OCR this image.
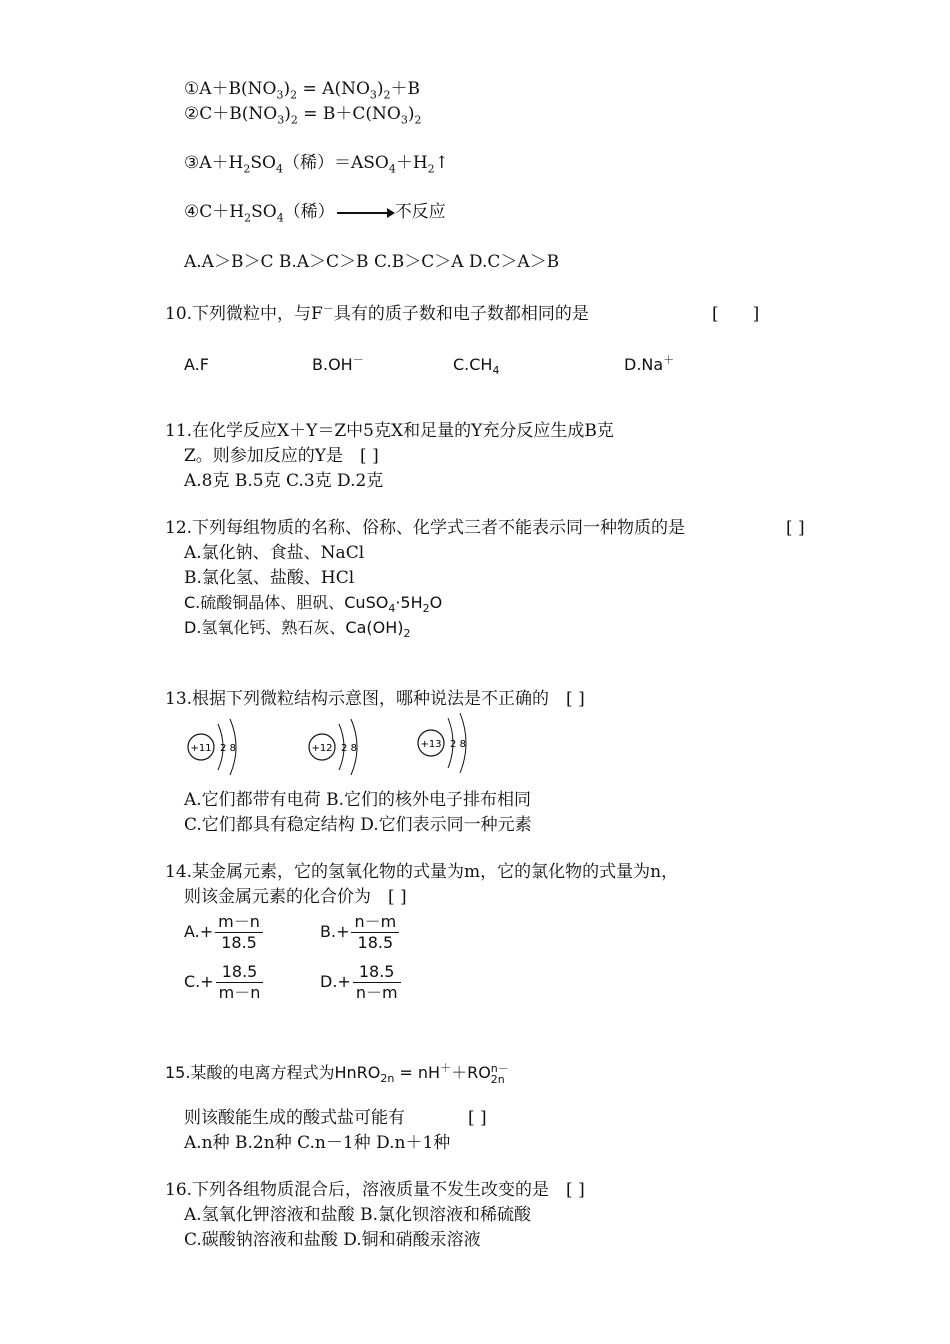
$①A+B(NO_3)_2 = A(NO_3)_2+B$
$②C+B(NO_3)_2 = B+C(NO_3)_2$
$③A+H_2SO_4$（稀）$=ASO_4+H_2↑$
$④C+H_2SO_4$（稀） → 不反应
A.A＞B＞C B.A＞C＞B C.B＞C＞A D.C＞A＞B
10.下列微粒中，与F－具有的质子数和电子数都相同的是	[　　]
A.F	B.OH－	$C.CH_4$	D.Na＋
11.在化学反应X＋Y＝Z中5克X和足量的Y充分反应生成B克
Z。则参加反应的Y是　[ ]
A.8克 B.5克 C.3克 D.2克
12.下列每组物质的名称、俗称、化学式三者不能表示同一种物质的是	[ ]
A.氯化钠、食盐、NaCl
B.氯化氢、盐酸、HCl
C.硫酸铜晶体、胆矾、$CuSO_4\cdot 5H_2O$
D.氢氧化钙、熟石灰、$Ca(OH)_2$
13.根据下列微粒结构示意图，哪种说法是不正确的　[ ]
+11 2 8	+12 2 8	+13 2 8
A.它们都带有电荷 B.它们的核外电子排布相同
C.它们都具有稳定结构 D.它们表示同一种元素
14.某金属元素，它的氢氧化物的式量为m，它的氯化物的式量为n，
则该金属元素的化合价为　[ ]
$A.+ \frac{m-n}{18.5}$	$B.+ \frac{n-m}{18.5}$
$C.+ \frac{18.5}{m-n}$	$D.+ \frac{18.5}{n-m}$
15.某酸的电离方程式为HnRO$_{2n}$ = nH＋＋RO n－
2n
则该酸能生成的酸式盐可能有	[ ]
A.n种 B.2n种 C.n－1种 D.n＋1种
16.下列各组物质混合后，溶液质量不发生改变的是　[ ]
A.氢氧化钾溶液和盐酸 B.氯化钡溶液和稀硫酸
C.碳酸钠溶液和盐酸 D.铜和硝酸汞溶液
